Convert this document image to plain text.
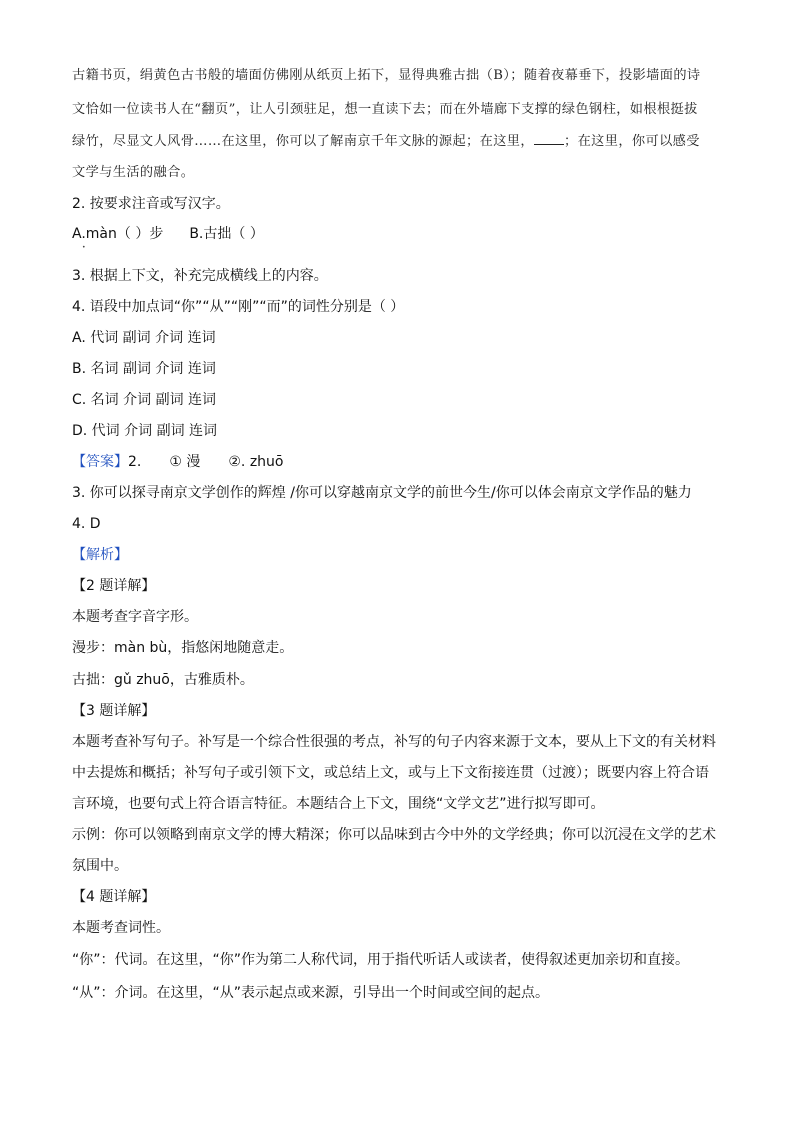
古籍书页，绢黄色古书般的墙面仿佛刚从纸页上拓下，显得典雅古拙（B）；随着夜幕垂下，投影墙面的诗
文恰如一位读书人在“翻页”，让人引颈驻足，想一直读下去；而在外墙廊下支撑的绿色钢柱，如根根挺拔
绿竹，尽显文人风骨……在这里，你可以了解南京千年文脉的源起；在这里， ；在这里，你可以感受
文学与生活的融合。
2. 按要求注音或写汉字。
A.màn（ ）步 B.古拙（ ）
•
3. 根据上下文，补充完成横线上的内容。
4. 语段中加点词“你”“从”“刚”“而”的词性分别是（ ）
A. 代词 副词 介词 连词
B. 名词 副词 介词 连词
C. 名词 介词 副词 连词
D. 代词 介词 副词 连词
【答案】2. ① 漫 ②. zhuō
3. 你可以探寻南京文学创作的辉煌 /你可以穿越南京文学的前世今生/你可以体会南京文学作品的魅力
4. D
【解析】
【2 题详解】
本题考查字音字形。
漫步：màn bù，指悠闲地随意走。
古拙：gǔ zhuō，古雅质朴。
【3 题详解】
本题考查补写句子。补写是一个综合性很强的考点，补写的句子内容来源于文本，要从上下文的有关材料
中去提炼和概括；补写句子或引领下文，或总结上文，或与上下文衔接连贯（过渡）；既要内容上符合语
言环境，也要句式上符合语言特征。本题结合上下文，围绕“文学文艺”进行拟写即可。
示例：你可以领略到南京文学的博大精深；你可以品味到古今中外的文学经典；你可以沉浸在文学的艺术
氛围中。
【4 题详解】
本题考查词性。
“你”：代词。在这里，“你”作为第二人称代词，用于指代听话人或读者，使得叙述更加亲切和直接。
“从”：介词。在这里，“从”表示起点或来源，引导出一个时间或空间的起点。
